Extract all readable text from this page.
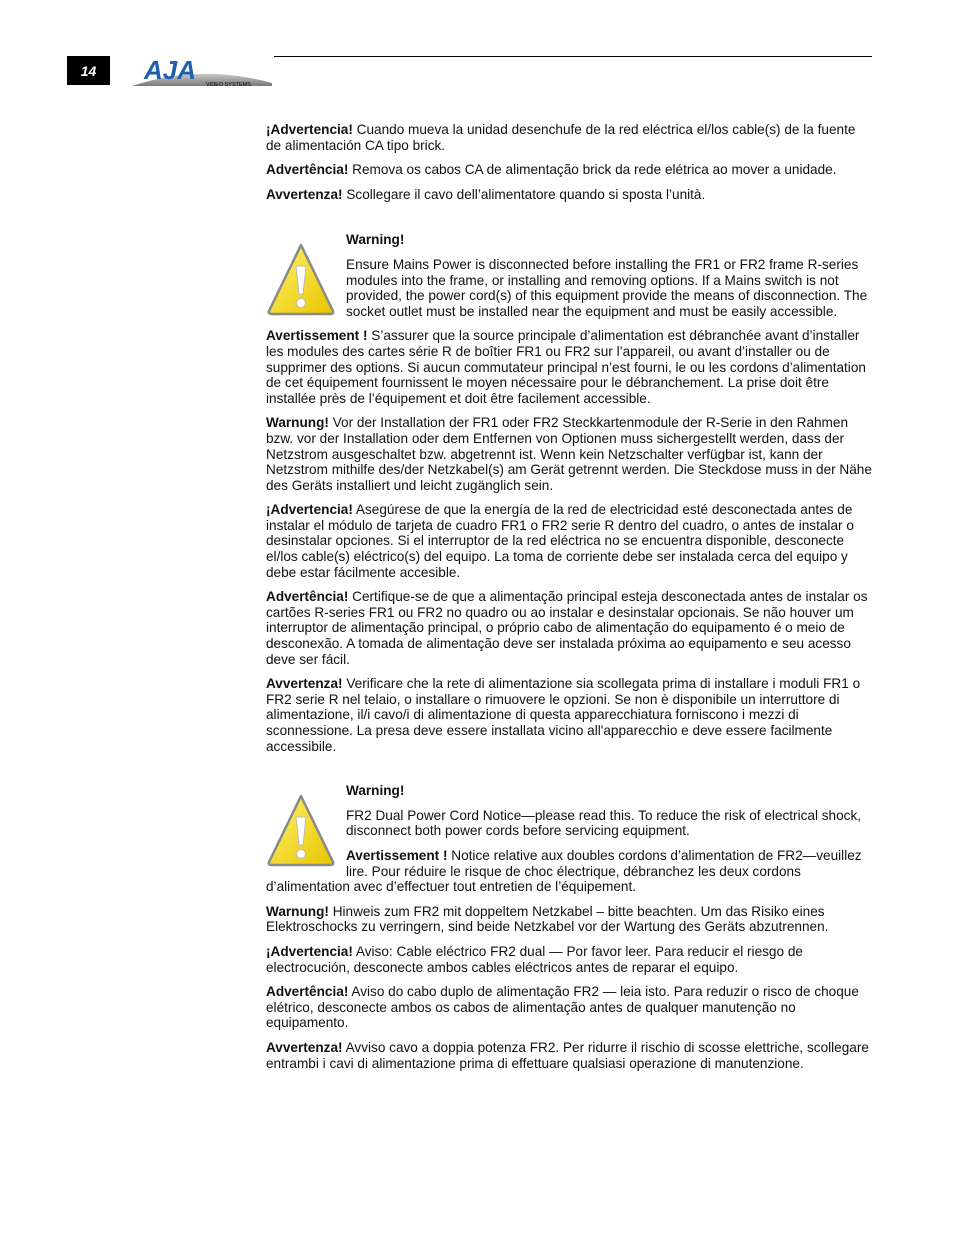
14 AJA VIDEO SYSTEMS

¡Advertencia! Cuando mueva la unidad desenchufe de la red eléctrica el/los cable(s) de la fuente de alimentación CA tipo brick.

Advertência! Remova os cabos CA de alimentação brick da rede elétrica ao mover a unidade.

Avvertenza! Scollegare il cavo dell’alimentatore quando si sposta l’unità.

Warning!

Ensure Mains Power is disconnected before installing the FR1 or FR2 frame R-series modules into the frame, or installing and removing options. If a Mains switch is not provided, the power cord(s) of this equipment provide the means of disconnection. The socket outlet must be installed near the equipment and must be easily accessible.

Avertissement ! S’assurer que la source principale d’alimentation est débranchée avant d’installer les modules des cartes série R de boîtier FR1 ou FR2 sur l’appareil, ou avant d’installer ou de supprimer des options. Si aucun commutateur principal n’est fourni, le ou les cordons d’alimentation de cet équipement fournissent le moyen nécessaire pour le débranchement. La prise doit être installée près de l’équipement et doit être facilement accessible.

Warnung! Vor der Installation der FR1 oder FR2 Steckkartenmodule der R-Serie in den Rahmen bzw. vor der Installation oder dem Entfernen von Optionen muss sichergestellt werden, dass der Netzstrom ausgeschaltet bzw. abgetrennt ist. Wenn kein Netzschalter verfügbar ist, kann der Netzstrom mithilfe des/der Netzkabel(s) am Gerät getrennt werden. Die Steckdose muss in der Nähe des Geräts installiert und leicht zugänglich sein.

¡Advertencia! Asegúrese de que la energía de la red de electricidad esté desconectada antes de instalar el módulo de tarjeta de cuadro FR1 o FR2 serie R dentro del cuadro, o antes de instalar o desinstalar opciones. Si el interruptor de la red eléctrica no se encuentra disponible, desconecte el/los cable(s) eléctrico(s) del equipo. La toma de corriente debe ser instalada cerca del equipo y debe estar fácilmente accesible.

Advertência! Certifique-se de que a alimentação principal esteja desconectada antes de instalar os cartões R-series FR1 ou FR2 no quadro ou ao instalar e desinstalar opcionais. Se não houver um interruptor de alimentação principal, o próprio cabo de alimentação do equipamento é o meio de desconexão. A tomada de alimentação deve ser instalada próxima ao equipamento e seu acesso deve ser fácil.

Avvertenza! Verificare che la rete di alimentazione sia scollegata prima di installare i moduli FR1 o FR2 serie R nel telaio, o installare o rimuovere le opzioni. Se non è disponibile un interruttore di alimentazione, il/i cavo/i di alimentazione di questa apparecchiatura forniscono i mezzi di sconnessione. La presa deve essere installata vicino all'apparecchio e deve essere facilmente accessibile.

Warning!

FR2 Dual Power Cord Notice—please read this. To reduce the risk of electrical shock, disconnect both power cords before servicing equipment.

Avertissement ! Notice relative aux doubles cordons d’alimentation de FR2—veuillez lire. Pour réduire le risque de choc électrique, débranchez les deux cordons d’alimentation avec d’effectuer tout entretien de l’équipement.

Warnung! Hinweis zum FR2 mit doppeltem Netzkabel – bitte beachten. Um das Risiko eines Elektroschocks zu verringern, sind beide Netzkabel vor der Wartung des Geräts abzutrennen.

¡Advertencia! Aviso: Cable eléctrico FR2 dual — Por favor leer. Para reducir el riesgo de electrocución, desconecte ambos cables eléctricos antes de reparar el equipo.

Advertência! Aviso do cabo duplo de alimentação FR2 — leia isto. Para reduzir o risco de choque elétrico, desconecte ambos os cabos de alimentação antes de qualquer manutenção no equipamento.

Avvertenza! Avviso cavo a doppia potenza FR2. Per ridurre il rischio di scosse elettriche, scollegare entrambi i cavi di alimentazione prima di effettuare qualsiasi operazione di manutenzione.
